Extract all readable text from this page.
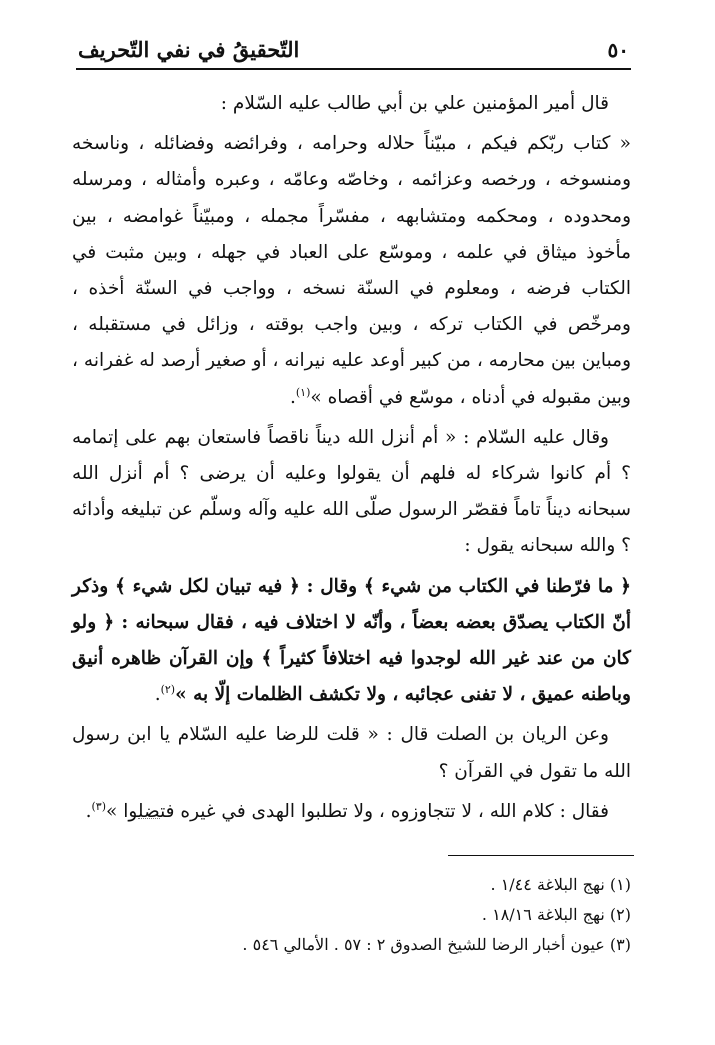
٥٠
التّحقيقُ في نفي التّحريف

قال أمير المؤمنين علي بن أبي طالب عليه السّلام :

« كتاب ربّكم فيكم ، مبيّناً حلاله وحرامه ، وفرائضه وفضائله ، وناسخه ومنسوخه ، ورخصه وعزائمه ، وخاصّه وعامّه ، وعبره وأمثاله ، ومرسله ومحدوده ، ومحكمه ومتشابهه ، مفسّراً مجمله ، ومبيّناً غوامضه ، بين مأخوذ ميثاق في علمه ، وموسّع على العباد في جهله ، وبين مثبت في الكتاب فرضه ، ومعلوم في السنّة نسخه ، وواجب في السنّة أخذه ، ومرخّص في الكتاب تركه ، وبين واجب بوقته ، وزائل في مستقبله ، ومباين بين محارمه ، من كبير أوعد عليه نيرانه ، أو صغير أرصد له غفرانه ، وبين مقبوله في أدناه ، موسّع في أقصاه »$^{(١)}$.

وقال عليه السّلام : « أم أنزل الله ديناً ناقصاً فاستعان بهم على إتمامه ؟ أم كانوا شركاء له فلهم أن يقولوا وعليه أن يرضى ؟ أم أنزل الله سبحانه ديناً تاماً فقصّر الرسول صلّى الله عليه وآله وسلّم عن تبليغه وأدائه ؟ والله سبحانه يقول :

﴿ ما فرّطنا في الكتاب من شيء ﴾ وقال : ﴿ فيه تبيان لكل شيء ﴾ وذكر أنّ الكتاب يصدّق بعضه بعضاً ، وأنّه لا اختلاف فيه ، فقال سبحانه : ﴿ ولو كان من عند غير الله لوجدوا فيه اختلافاً كثيراً ﴾ وإن القرآن ظاهره أنيق وباطنه عميق ، لا تفنى عجائبه ، ولا تكشف الظلمات إلّا به »$^{(٢)}$.

وعن الريان بن الصلت قال : « قلت للرضا عليه السّلام يا ابن رسول الله ما تقول في القرآن ؟

فقال : كلام الله ، لا تتجاوزوه ، ولا تطلبوا الهدى في غيره فتضلوا »$^{(٣)}$.

(١) نهج البلاغة ١/٤٤ .
(٢) نهج البلاغة ١٨/١٦ .
(٣) عيون أخبار الرضا للشيخ الصدوق ٢ : ٥٧ . الأمالي ٥٤٦ .
